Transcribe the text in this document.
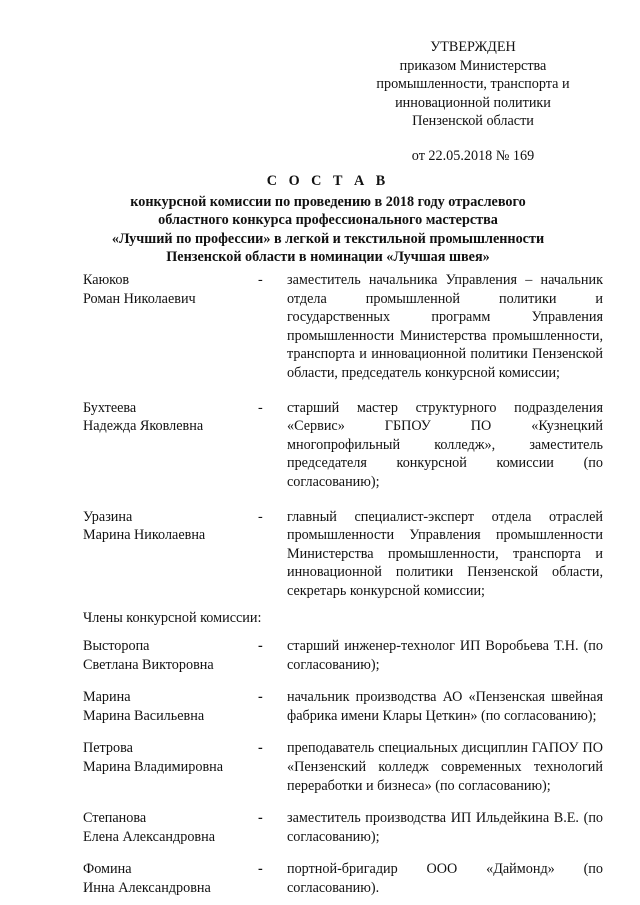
УТВЕРЖДЕН
приказом Министерства
промышленности, транспорта и
инновационной политики
Пензенской области
от 22.05.2018 № 169
С О С Т А В
конкурсной комиссии по проведению в 2018 году отраслевого
областного конкурса профессионального мастерства
«Лучший по профессии» в легкой и текстильной промышленности
Пензенской области в номинации «Лучшая швея»
Каюков
Роман Николаевич
- заместитель начальника Управления – начальник отдела промышленной политики и государственных программ Управления промышленности Министерства промышленности, транспорта и инновационной политики Пензенской области, председатель конкурсной комиссии;
Бухтеева
Надежда Яковлевна
- старший мастер структурного подразделения «Сервис» ГБПОУ ПО «Кузнецкий многопрофильный колледж», заместитель председателя конкурсной комиссии (по согласованию);
Уразина
Марина Николаевна
- главный специалист-эксперт отдела отраслей промышленности Управления промышленности Министерства промышленности, транспорта и инновационной политики Пензенской области, секретарь конкурсной комиссии;
Члены конкурсной комиссии:
Высторопа
Светлана Викторовна
- старший инженер-технолог ИП Воробьева Т.Н. (по согласованию);
Марина
Марина Васильевна
- начальник производства АО «Пензенская швейная фабрика имени Клары Цеткин» (по согласованию);
Петрова
Марина Владимировна
- преподаватель специальных дисциплин ГАПОУ ПО «Пензенский колледж современных технологий переработки и бизнеса» (по согласованию);
Степанова
Елена Александровна
- заместитель производства ИП Ильдейкина В.Е. (по согласованию);
Фомина
Инна Александровна
- портной-бригадир ООО «Даймонд» (по согласованию).
